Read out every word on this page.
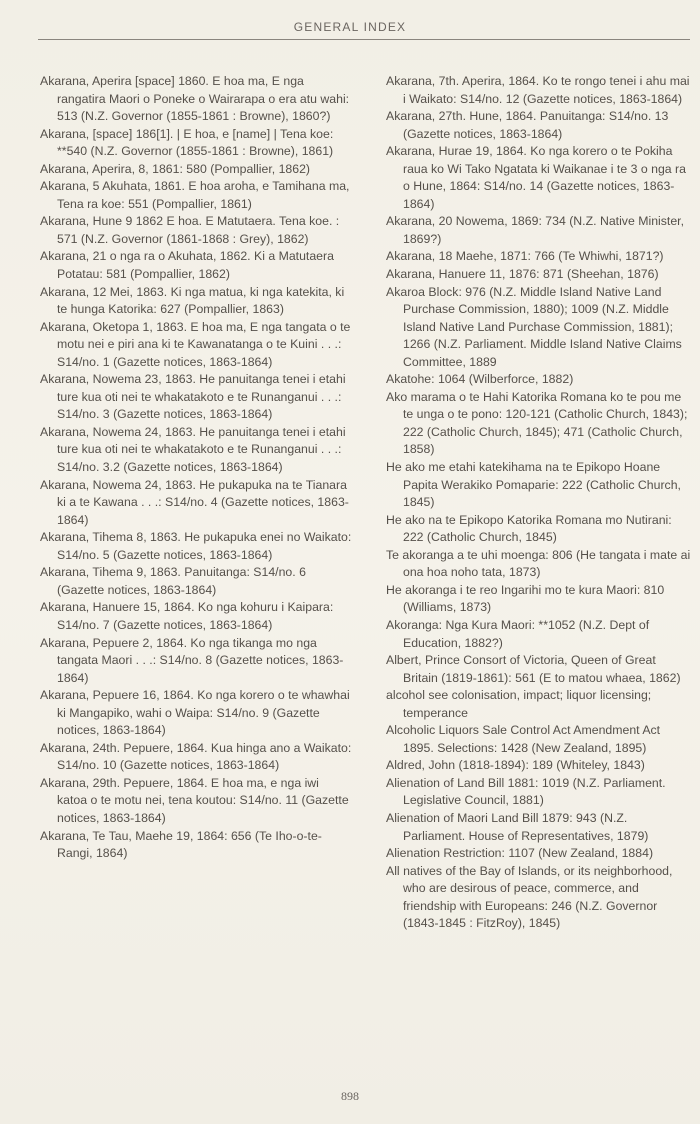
GENERAL INDEX

Akarana, Aperira [space] 1860. E hoa ma, E nga rangatira Maori o Poneke o Wairarapa o era atu wahi: 513 (N.Z. Governor (1855-1861 : Browne), 1860?)

Akarana, [space] 186[1]. | E hoa, e [name] | Tena koe: **540 (N.Z. Governor (1855-1861 : Browne), 1861)

Akarana, Aperira, 8, 1861: 580 (Pompallier, 1862)

Akarana, 5 Akuhata, 1861. E hoa aroha, e Tamihana ma, Tena ra koe: 551 (Pompallier, 1861)

Akarana, Hune 9 1862 E hoa. E Matutaera. Tena koe. : 571 (N.Z. Governor (1861-1868 : Grey), 1862)

Akarana, 21 o nga ra o Akuhata, 1862. Ki a Matutaera Potatau: 581 (Pompallier, 1862)

Akarana, 12 Mei, 1863. Ki nga matua, ki nga katekita, ki te hunga Katorika: 627 (Pompallier, 1863)

Akarana, Oketopa 1, 1863. E hoa ma, E nga tangata o te motu nei e piri ana ki te Kawanatanga o te Kuini . . .: S14/no. 1 (Gazette notices, 1863-1864)

Akarana, Nowema 23, 1863. He panuitanga tenei i etahi ture kua oti nei te whakatakoto e te Runanganui . . .: S14/no. 3 (Gazette notices, 1863-1864)

Akarana, Nowema 24, 1863. He panuitanga tenei i etahi ture kua oti nei te whakatakoto e te Runanganui . . .: S14/no. 3.2 (Gazette notices, 1863-1864)

Akarana, Nowema 24, 1863. He pukapuka na te Tianara ki a te Kawana . . .: S14/no. 4 (Gazette notices, 1863-1864)

Akarana, Tihema 8, 1863. He pukapuka enei no Waikato: S14/no. 5 (Gazette notices, 1863-1864)

Akarana, Tihema 9, 1863. Panuitanga: S14/no. 6 (Gazette notices, 1863-1864)

Akarana, Hanuere 15, 1864. Ko nga kohuru i Kaipara: S14/no. 7 (Gazette notices, 1863-1864)

Akarana, Pepuere 2, 1864. Ko nga tikanga mo nga tangata Maori . . .: S14/no. 8 (Gazette notices, 1863-1864)

Akarana, Pepuere 16, 1864. Ko nga korero o te whawhai ki Mangapiko, wahi o Waipa: S14/no. 9 (Gazette notices, 1863-1864)

Akarana, 24th. Pepuere, 1864. Kua hinga ano a Waikato: S14/no. 10 (Gazette notices, 1863-1864)

Akarana, 29th. Pepuere, 1864. E hoa ma, e nga iwi katoa o te motu nei, tena koutou: S14/no. 11 (Gazette notices, 1863-1864)

Akarana, Te Tau, Maehe 19, 1864: 656 (Te Iho-o-te-Rangi, 1864)

Akarana, 7th. Aperira, 1864. Ko te rongo tenei i ahu mai i Waikato: S14/no. 12 (Gazette notices, 1863-1864)

Akarana, 27th. Hune, 1864. Panuitanga: S14/no. 13 (Gazette notices, 1863-1864)

Akarana, Hurae 19, 1864. Ko nga korero o te Pokiha raua ko Wi Tako Ngatata ki Waikanae i te 3 o nga ra o Hune, 1864: S14/no. 14 (Gazette notices, 1863-1864)

Akarana, 20 Nowema, 1869: 734 (N.Z. Native Minister, 1869?)

Akarana, 18 Maehe, 1871: 766 (Te Whiwhi, 1871?)

Akarana, Hanuere 11, 1876: 871 (Sheehan, 1876)

Akaroa Block: 976 (N.Z. Middle Island Native Land Purchase Commission, 1880); 1009 (N.Z. Middle Island Native Land Purchase Commission, 1881); 1266 (N.Z. Parliament. Middle Island Native Claims Committee, 1889

Akatohe: 1064 (Wilberforce, 1882)

Ako marama o te Hahi Katorika Romana ko te pou me te unga o te pono: 120-121 (Catholic Church, 1843); 222 (Catholic Church, 1845); 471 (Catholic Church, 1858)

He ako me etahi katekihama na te Epikopo Hoane Papita Werakiko Pomaparie: 222 (Catholic Church, 1845)

He ako na te Epikopo Katorika Romana mo Nutirani: 222 (Catholic Church, 1845)

Te akoranga a te uhi moenga: 806 (He tangata i mate ai ona hoa noho tata, 1873)

He akoranga i te reo Ingarihi mo te kura Maori: 810 (Williams, 1873)

Akoranga: Nga Kura Maori: **1052 (N.Z. Dept of Education, 1882?)

Albert, Prince Consort of Victoria, Queen of Great Britain (1819-1861): 561 (E to matou whaea, 1862)

alcohol see colonisation, impact; liquor licensing; temperance

Alcoholic Liquors Sale Control Act Amendment Act 1895. Selections: 1428 (New Zealand, 1895)

Aldred, John (1818-1894): 189 (Whiteley, 1843)

Alienation of Land Bill 1881: 1019 (N.Z. Parliament. Legislative Council, 1881)

Alienation of Maori Land Bill 1879: 943 (N.Z. Parliament. House of Representatives, 1879)

Alienation Restriction: 1107 (New Zealand, 1884)

All natives of the Bay of Islands, or its neighborhood, who are desirous of peace, commerce, and friendship with Europeans: 246 (N.Z. Governor (1843-1845 : FitzRoy), 1845)

898
